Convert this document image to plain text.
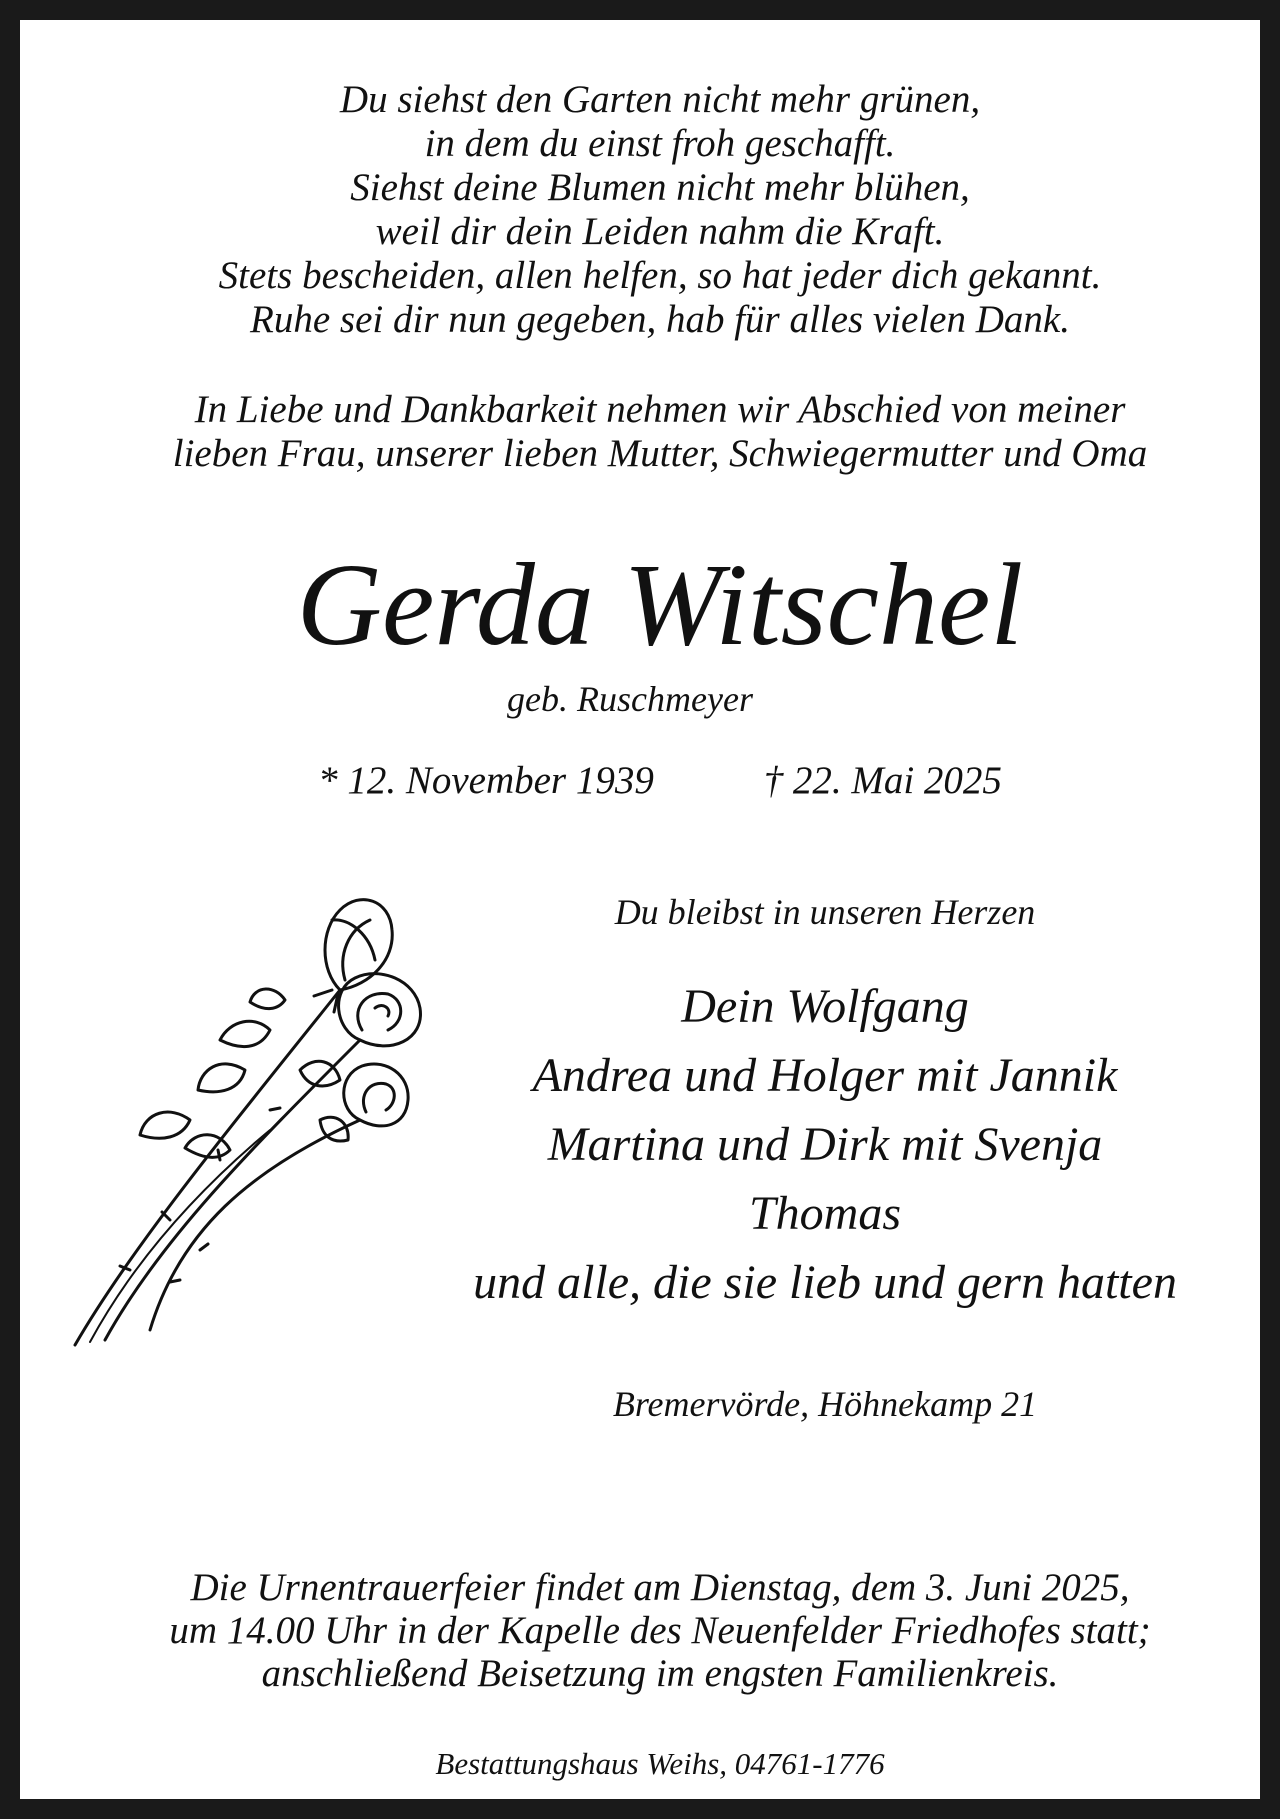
Du siehst den Garten nicht mehr grünen,
in dem du einst froh geschafft.
Siehst deine Blumen nicht mehr blühen,
weil dir dein Leiden nahm die Kraft.
Stets bescheiden, allen helfen, so hat jeder dich gekannt.
Ruhe sei dir nun gegeben, hab für alles vielen Dank.
In Liebe und Dankbarkeit nehmen wir Abschied von meiner
lieben Frau, unserer lieben Mutter, Schwiegermutter und Oma
Gerda Witschel
geb. Ruschmeyer
* 12. November 1939	† 22. Mai 2025
Du bleibst in unseren Herzen
Dein Wolfgang
Andrea und Holger mit Jannik
Martina und Dirk mit Svenja
Thomas
und alle, die sie lieb und gern hatten
Bremervörde, Höhnekamp 21
Die Urnentrauerfeier findet am Dienstag, dem 3. Juni 2025,
um 14.00 Uhr in der Kapelle des Neuenfelder Friedhofes statt;
anschließend Beisetzung im engsten Familienkreis.
Bestattungshaus Weihs, 04761-1776
